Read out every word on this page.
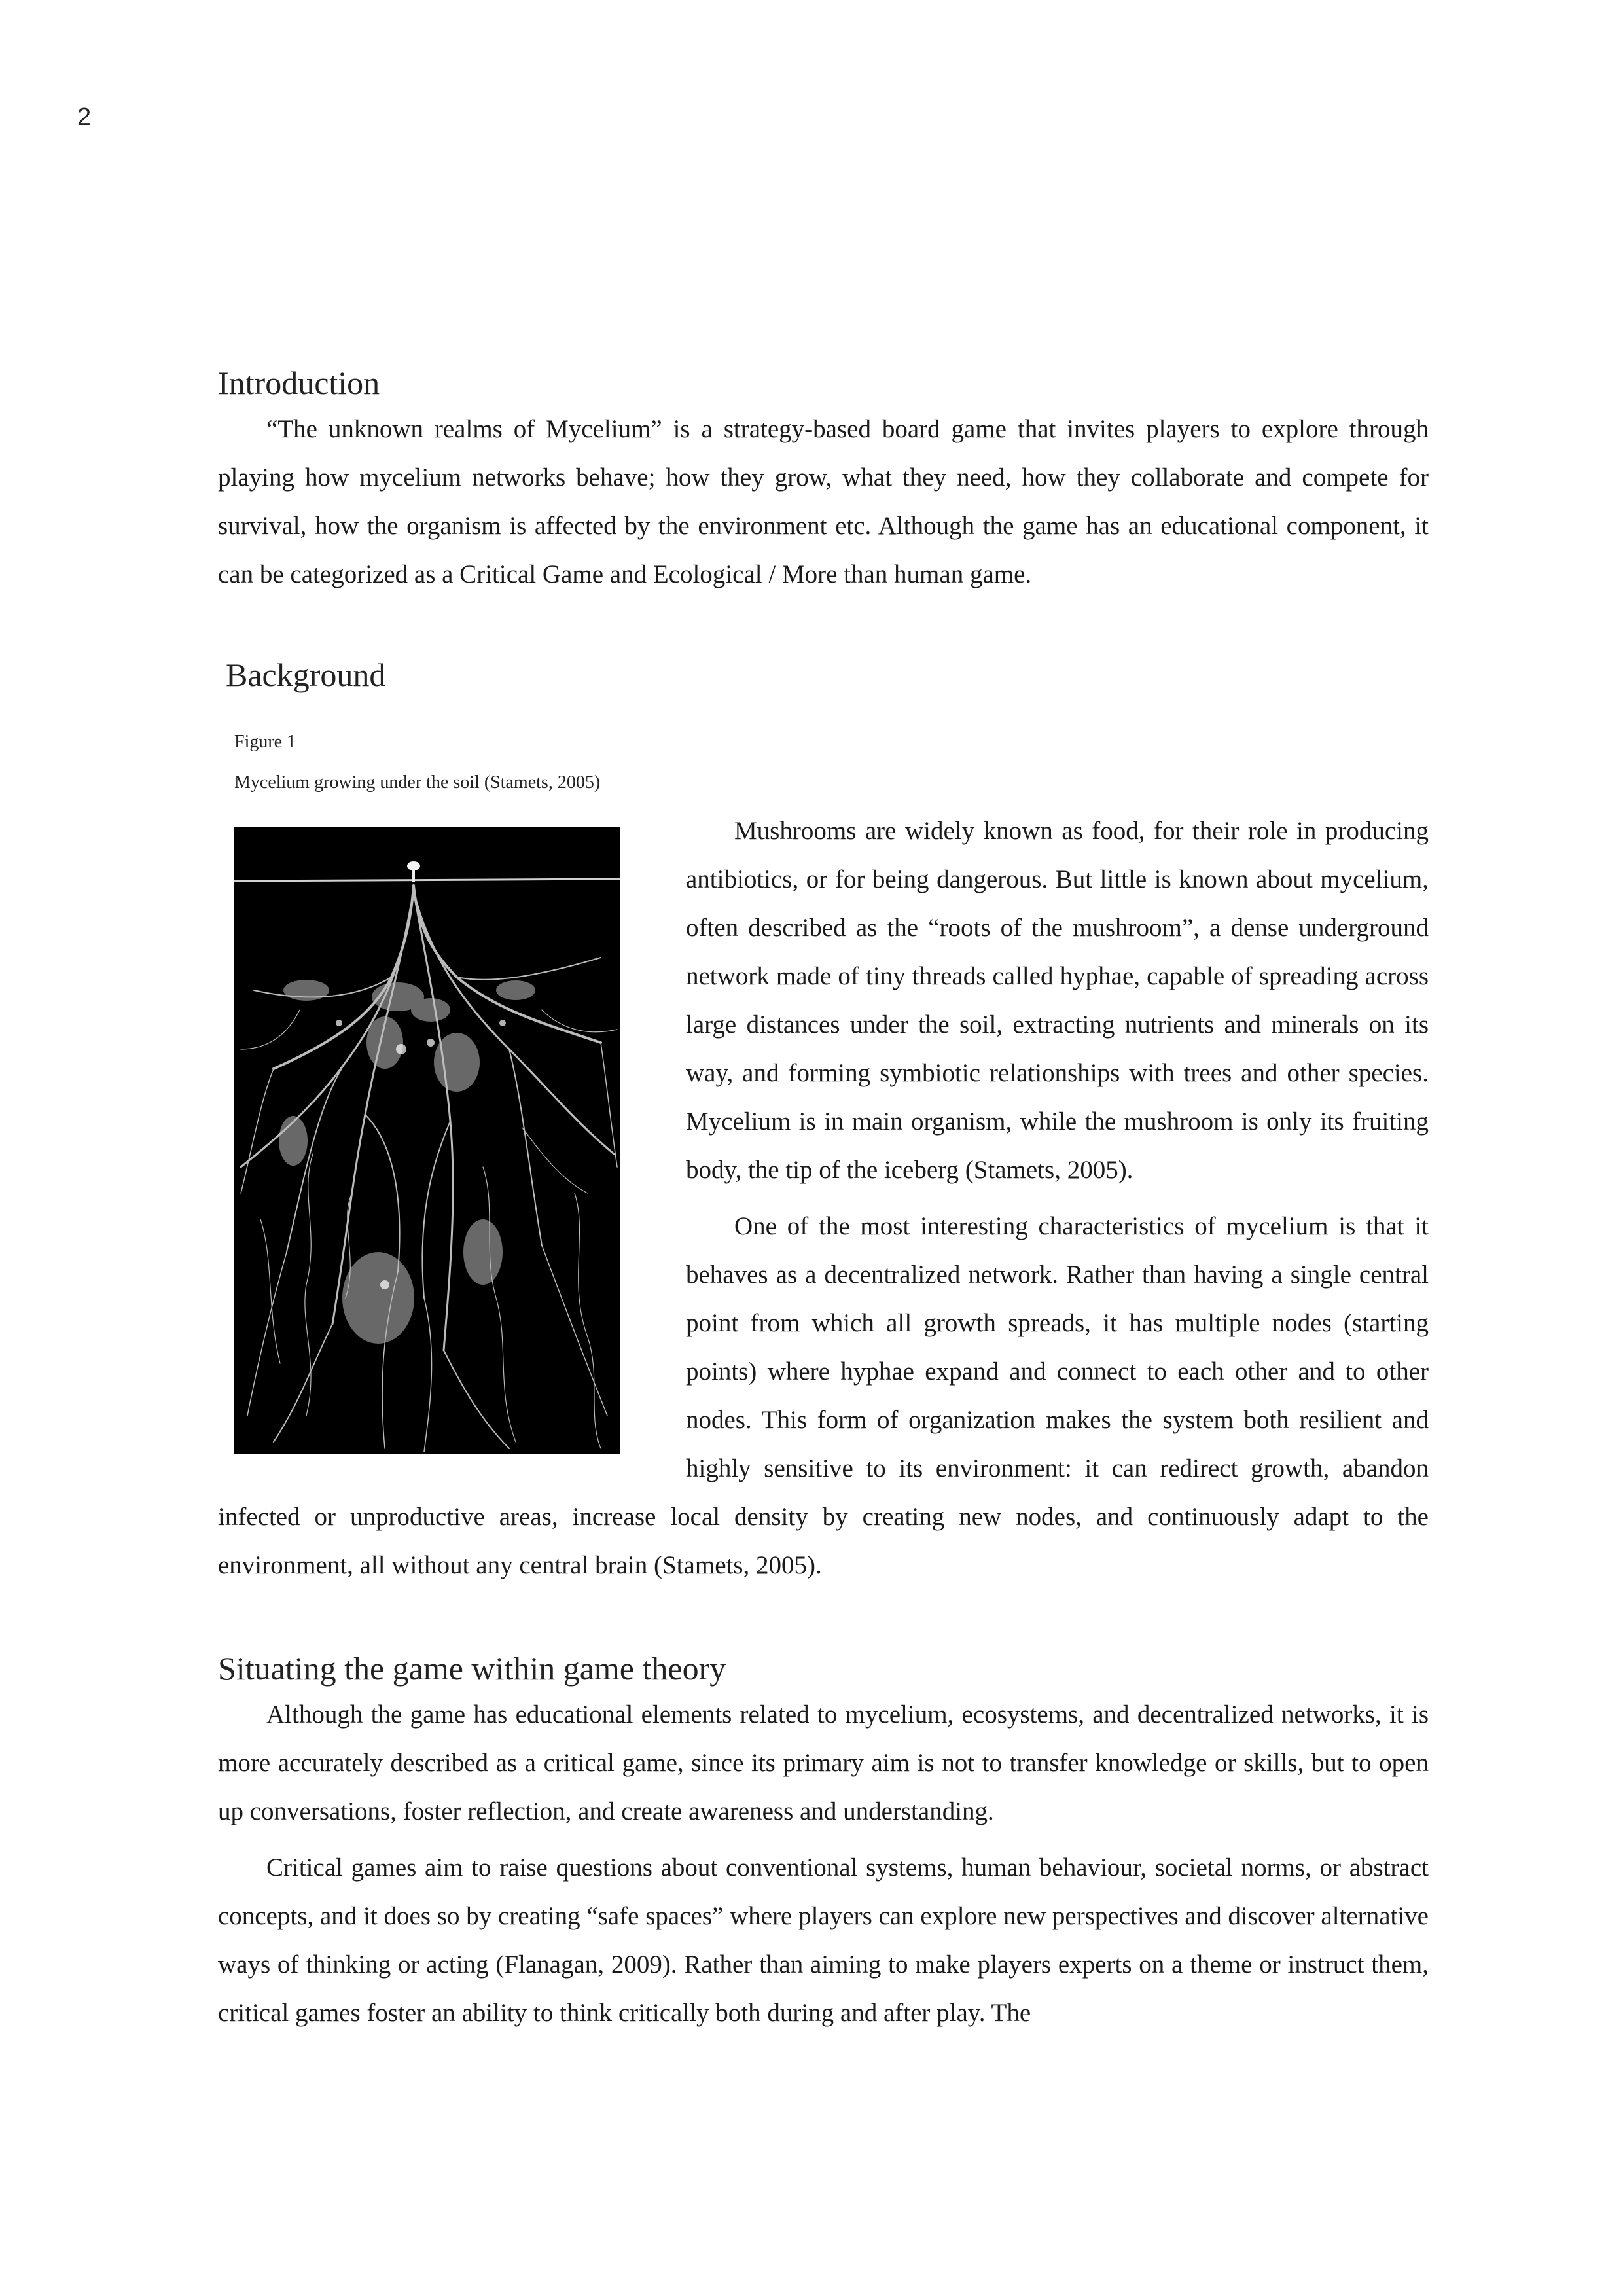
2
Introduction

“The unknown realms of Mycelium” is a strategy-based board game that invites players to explore through playing how mycelium networks behave; how they grow, what they need, how they collaborate and compete for survival, how the organism is affected by the environment etc. Although the game has an educational component, it can be categorized as a Critical Game and Ecological / More than human game.

Background
Figure 1
Mycelium growing under the soil (Stamets, 2005)

Mushrooms are widely known as food, for their role in producing antibiotics, or for being dangerous. But little is known about mycelium, often described as the “roots of the mushroom”, a dense underground network made of tiny threads called hyphae, capable of spreading across large distances under the soil, extracting nutrients and minerals on its way, and forming symbiotic relationships with trees and other species. Mycelium is in main organism, while the mushroom is only its fruiting body, the tip of the iceberg (Stamets, 2005).

One of the most interesting characteristics of mycelium is that it behaves as a decentralized network. Rather than having a single central point from which all growth spreads, it has multiple nodes (starting points) where hyphae expand and connect to each other and to other nodes. This form of organization makes the system both resilient and highly sensitive to its environment: it can redirect growth, abandon infected or unproductive areas, increase local density by creating new nodes, and continuously adapt to the environment, all without any central brain (Stamets, 2005).

Situating the game within game theory

Although the game has educational elements related to mycelium, ecosystems, and decentralized networks, it is more accurately described as a critical game, since its primary aim is not to transfer knowledge or skills, but to open up conversations, foster reflection, and create awareness and understanding.

Critical games aim to raise questions about conventional systems, human behaviour, societal norms, or abstract concepts, and it does so by creating “safe spaces” where players can explore new perspectives and discover alternative ways of thinking or acting (Flanagan, 2009). Rather than aiming to make players experts on a theme or instruct them, critical games foster an ability to think critically both during and after play. The
